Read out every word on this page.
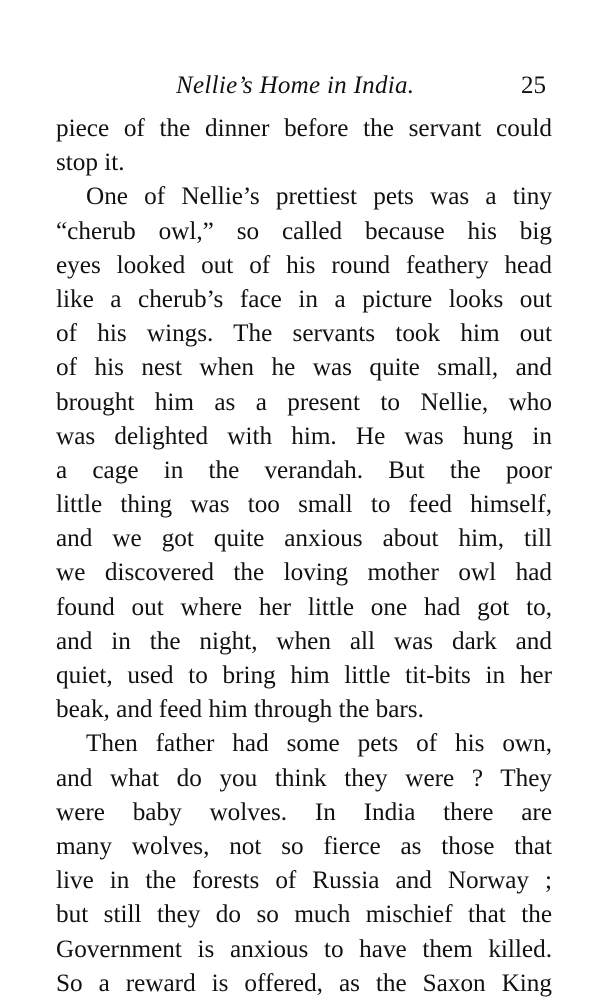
Nellie’s Home in India.	25
piece of the dinner before the servant could
stop it.
One of Nellie’s prettiest pets was a tiny
“cherub owl,” so called because his big
eyes looked out of his round feathery head
like a cherub’s face in a picture looks out
of his wings. The servants took him out
of his nest when he was quite small, and
brought him as a present to Nellie, who
was delighted with him. He was hung in
a cage in the verandah. But the poor
little thing was too small to feed himself,
and we got quite anxious about him, till
we discovered the loving mother owl had
found out where her little one had got to,
and in the night, when all was dark and
quiet, used to bring him little tit-bits in her
beak, and feed him through the bars.
Then father had some pets of his own,
and what do you think they were ? They
were baby wolves. In India there are
many wolves, not so fierce as those that
live in the forests of Russia and Norway ;
but still they do so much mischief that the
Government is anxious to have them killed.
So a reward is offered, as the Saxon King
